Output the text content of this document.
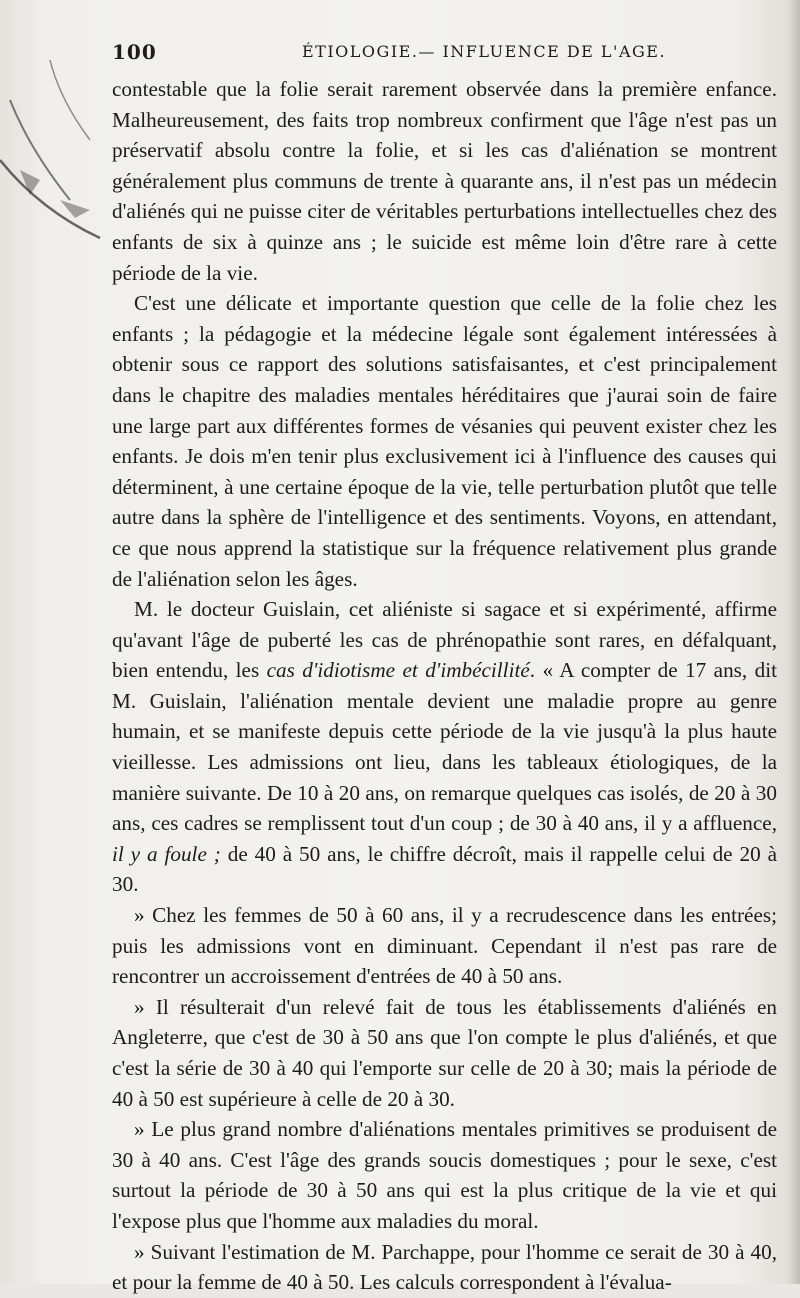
100	ÉTIOLOGIE.— INFLUENCE DE L'AGE.

contestable que la folie serait rarement observée dans la première enfance. Malheureusement, des faits trop nombreux confirment que l'âge n'est pas un préservatif absolu contre la folie, et si les cas d'aliénation se montrent généralement plus communs de trente à quarante ans, il n'est pas un médecin d'aliénés qui ne puisse citer de véritables perturbations intellectuelles chez des enfants de six à quinze ans ; le suicide est même loin d'être rare à cette période de la vie.

C'est une délicate et importante question que celle de la folie chez les enfants ; la pédagogie et la médecine légale sont également intéressées à obtenir sous ce rapport des solutions satisfaisantes, et c'est principalement dans le chapitre des maladies mentales héréditaires que j'aurai soin de faire une large part aux différentes formes de vésanies qui peuvent exister chez les enfants. Je dois m'en tenir plus exclusivement ici à l'influence des causes qui déterminent, à une certaine époque de la vie, telle perturbation plutôt que telle autre dans la sphère de l'intelligence et des sentiments. Voyons, en attendant, ce que nous apprend la statistique sur la fréquence relativement plus grande de l'aliénation selon les âges.

M. le docteur Guislain, cet aliéniste si sagace et si expérimenté, affirme qu'avant l'âge de puberté les cas de phrénopathie sont rares, en défalquant, bien entendu, les cas d'idiotisme et d'imbécillité. « A compter de 17 ans, dit M. Guislain, l'aliénation mentale devient une maladie propre au genre humain, et se manifeste depuis cette période de la vie jusqu'à la plus haute vieillesse. Les admissions ont lieu, dans les tableaux étiologiques, de la manière suivante. De 10 à 20 ans, on remarque quelques cas isolés, de 20 à 30 ans, ces cadres se remplissent tout d'un coup ; de 30 à 40 ans, il y a affluence, il y a foule ; de 40 à 50 ans, le chiffre décroît, mais il rappelle celui de 20 à 30.

» Chez les femmes de 50 à 60 ans, il y a recrudescence dans les entrées; puis les admissions vont en diminuant. Cependant il n'est pas rare de rencontrer un accroissement d'entrées de 40 à 50 ans.

» Il résulterait d'un relevé fait de tous les établissements d'aliénés en Angleterre, que c'est de 30 à 50 ans que l'on compte le plus d'aliénés, et que c'est la série de 30 à 40 qui l'emporte sur celle de 20 à 30; mais la période de 40 à 50 est supérieure à celle de 20 à 30.

» Le plus grand nombre d'aliénations mentales primitives se produisent de 30 à 40 ans. C'est l'âge des grands soucis domestiques ; pour le sexe, c'est surtout la période de 30 à 50 ans qui est la plus critique de la vie et qui l'expose plus que l'homme aux maladies du moral.

» Suivant l'estimation de M. Parchappe, pour l'homme ce serait de 30 à 40, et pour la femme de 40 à 50. Les calculs correspondent à l'évalua-
